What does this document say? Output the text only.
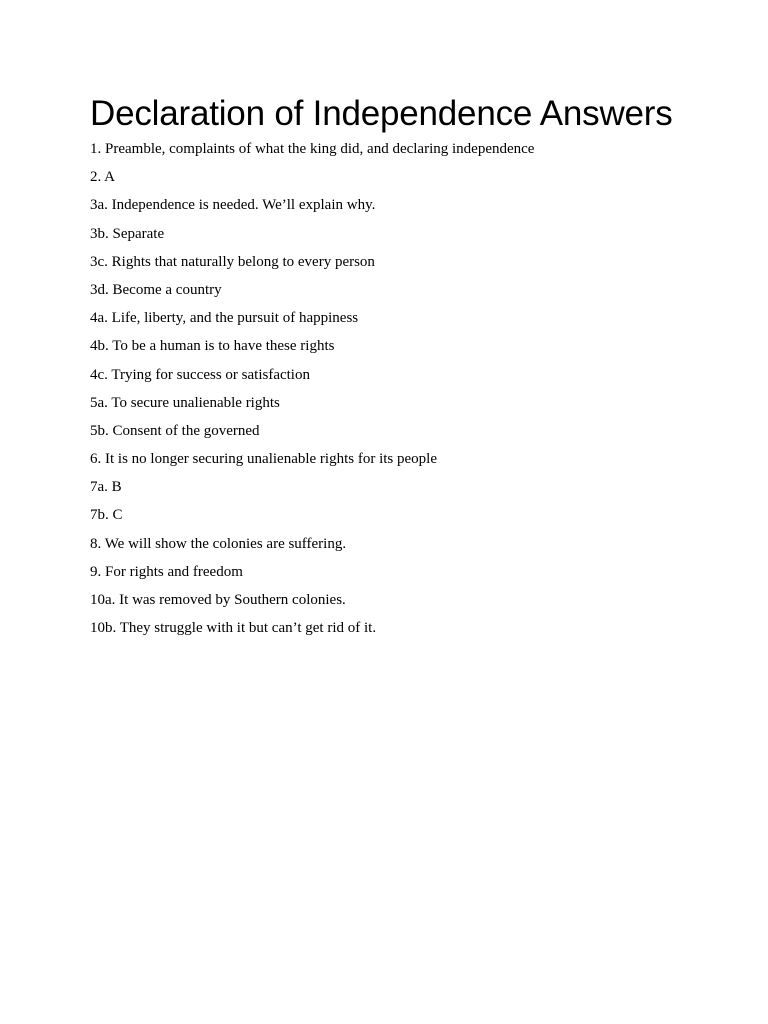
Declaration of Independence Answers
1. Preamble, complaints of what the king did, and declaring independence
2. A
3a. Independence is needed. We’ll explain why.
3b. Separate
3c. Rights that naturally belong to every person
3d. Become a country
4a. Life, liberty, and the pursuit of happiness
4b. To be a human is to have these rights
4c. Trying for success or satisfaction
5a. To secure unalienable rights
5b. Consent of the governed
6. It is no longer securing unalienable rights for its people
7a. B
7b. C
8. We will show the colonies are suffering.
9. For rights and freedom
10a. It was removed by Southern colonies.
10b. They struggle with it but can’t get rid of it.
